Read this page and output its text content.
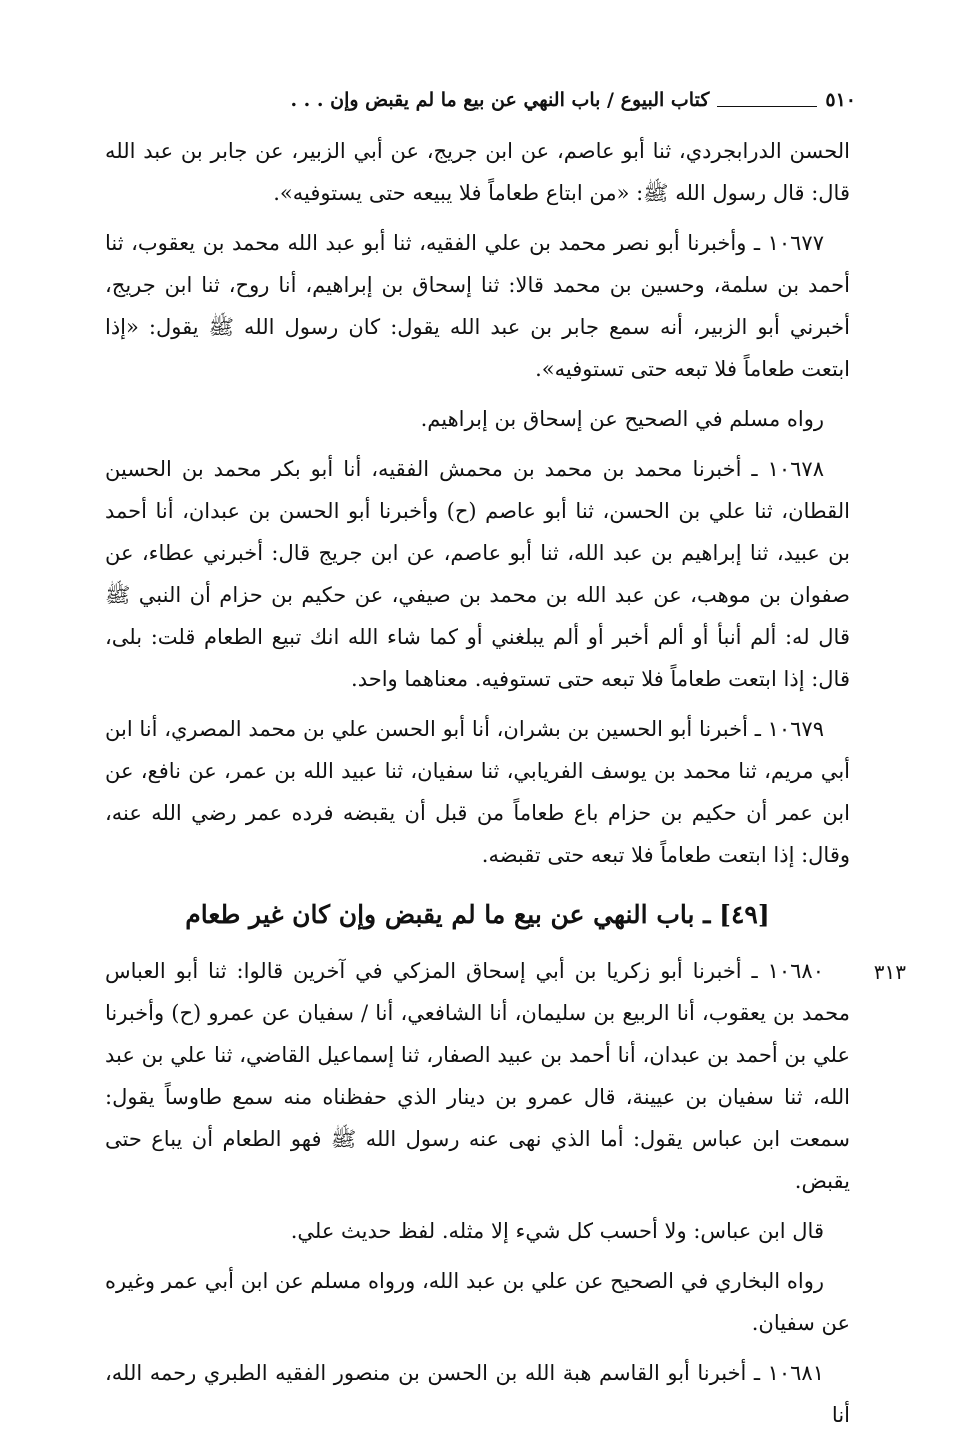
٥١٠
كتاب البيوع / باب النهي عن بيع ما لم يقبض وإن . . .
٣١٣

الحسن الدرابجردي، ثنا أبو عاصم، عن ابن جريج، عن أبي الزبير، عن جابر بن عبد الله قال: قال رسول الله ﷺ: «من ابتاع طعاماً فلا يبيعه حتى يستوفيه».

١٠٦٧٧ ـ وأخبرنا أبو نصر محمد بن علي الفقيه، ثنا أبو عبد الله محمد بن يعقوب، ثنا أحمد بن سلمة، وحسين بن محمد قالا: ثنا إسحاق بن إبراهيم، أنا روح، ثنا ابن جريج، أخبرني أبو الزبير، أنه سمع جابر بن عبد الله يقول: كان رسول الله ﷺ يقول: «إذا ابتعت طعاماً فلا تبعه حتى تستوفيه».

رواه مسلم في الصحيح عن إسحاق بن إبراهيم.

١٠٦٧٨ ـ أخبرنا محمد بن محمد بن محمش الفقيه، أنا أبو بكر محمد بن الحسين القطان، ثنا علي بن الحسن، ثنا أبو عاصم (ح) وأخبرنا أبو الحسن بن عبدان، أنا أحمد بن عبيد، ثنا إبراهيم بن عبد الله، ثنا أبو عاصم، عن ابن جريج قال: أخبرني عطاء، عن صفوان بن موهب، عن عبد الله بن محمد بن صيفي، عن حكيم بن حزام أن النبي ﷺ قال له: ألم أنبأ أو ألم أخبر أو ألم يبلغني أو كما شاء الله انك تبيع الطعام قلت: بلى، قال: إذا ابتعت طعاماً فلا تبعه حتى تستوفيه. معناهما واحد.

١٠٦٧٩ ـ أخبرنا أبو الحسين بن بشران، أنا أبو الحسن علي بن محمد المصري، أنا ابن أبي مريم، ثنا محمد بن يوسف الفريابي، ثنا سفيان، ثنا عبيد الله بن عمر، عن نافع، عن ابن عمر أن حكيم بن حزام باع طعاماً من قبل أن يقبضه فرده عمر رضي الله عنه، وقال: إذا ابتعت طعاماً فلا تبعه حتى تقبضه.

[٤٩] ـ باب النهي عن بيع ما لم يقبض وإن كان غير طعام

١٠٦٨٠ ـ أخبرنا أبو زكريا بن أبي إسحاق المزكي في آخرين قالوا: ثنا أبو العباس محمد بن يعقوب، أنا الربيع بن سليمان، أنا الشافعي، أنا / سفيان عن عمرو (ح) وأخبرنا علي بن أحمد بن عبدان، أنا أحمد بن عبيد الصفار، ثنا إسماعيل القاضي، ثنا علي بن عبد الله، ثنا سفيان بن عيينة، قال عمرو بن دينار الذي حفظناه منه سمع طاوساً يقول: سمعت ابن عباس يقول: أما الذي نهى عنه رسول الله ﷺ فهو الطعام أن يباع حتى يقبض.

قال ابن عباس: ولا أحسب كل شيء إلا مثله. لفظ حديث علي.

رواه البخاري في الصحيح عن علي بن عبد الله، ورواه مسلم عن ابن أبي عمر وغيره عن سفيان.

١٠٦٨١ ـ أخبرنا أبو القاسم هبة الله بن الحسن بن منصور الفقيه الطبري رحمه الله، أنا
